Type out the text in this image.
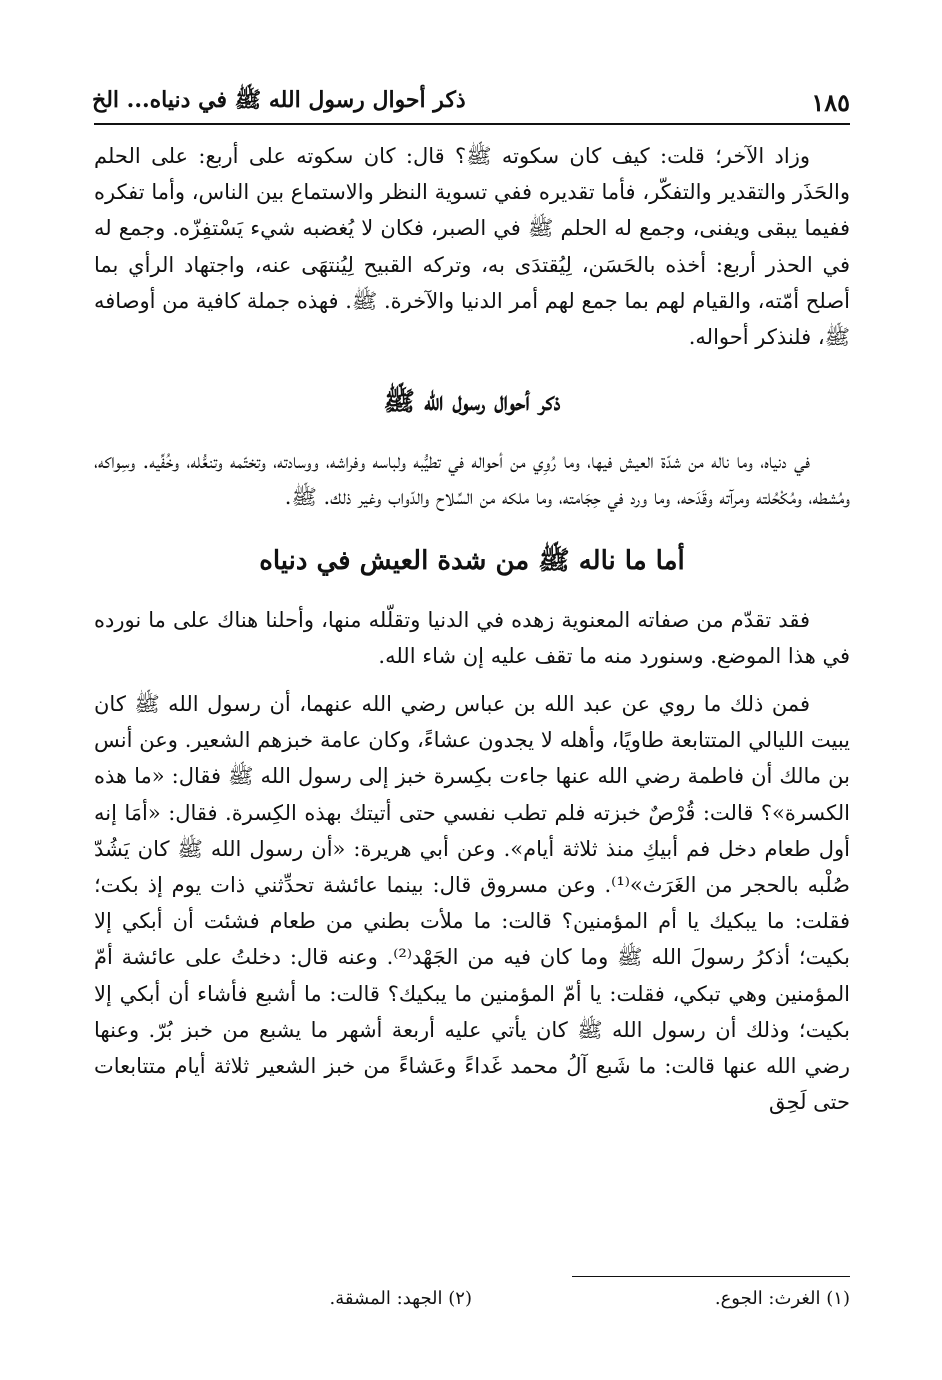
ذكر أحوال رسول الله ﷺ في دنياه... الخ	١٨٥

وزاد الآخر؛ قلت: كيف كان سكوته ﷺ؟ قال: كان سكوته على أربع: على الحلم والحَذَر والتقدير والتفكّر، فأما تقديره ففي تسوية النظر والاستماع بين الناس، وأما تفكره ففيما يبقى ويفنى، وجمع له الحلم ﷺ في الصبر، فكان لا يُغضبه شيء يَسْتفِزّه. وجمع له في الحذر أربع: أخذه بالحَسَن، لِيُقتدَى به، وتركه القبيح لِيُنتهَى عنه، واجتهاد الرأي بما أصلح أمّته، والقيام لهم بما جمع لهم أمر الدنيا والآخرة. ﷺ. فهذه جملة كافية من أوصافه ﷺ، فلنذكر أحواله.

ذكر أحوال رسول الله ﷺ

في دنياه، وما ناله من شدّة العيش فيها، وما رُوِي من أحواله في تطيُّبه ولباسه وفراشه، ووسادته، وتختّمه وتنعُّله، وخُفِّيه. وسِواكه، ومُشطه، ومُكْحُلته ومرآته وقَدَحه، وما ورد في حِجَامته، وما ملكه من السِّلاح والدّواب وغير ذلك. ﷺ.

أما ما ناله ﷺ من شدة العيش في دنياه

فقد تقدّم من صفاته المعنوية زهده في الدنيا وتقلّله منها، وأحلنا هناك على ما نورده في هذا الموضع. وسنورد منه ما تقف عليه إن شاء الله.

فمن ذلك ما روي عن عبد الله بن عباس رضي الله عنهما، أن رسول الله ﷺ كان يبيت الليالي المتتابعة طاويًا، وأهله لا يجدون عشاءً، وكان عامة خبزهم الشعير. وعن أنس بن مالك أن فاطمة رضي الله عنها جاءت بكِسرة خبز إلى رسول الله ﷺ فقال: «ما هذه الكسرة»؟ قالت: قُرْصٌ خبزته فلم تطب نفسي حتى أتيتك بهذه الكِسرة. فقال: «أمَا إنه أول طعام دخل فم أبيكِ منذ ثلاثة أيام». وعن أبي هريرة: «أن رسول الله ﷺ كان يَشُدّ صُلْبه بالحجر من الغَرَث»⁽¹⁾. وعن مسروق قال: بينما عائشة تحدِّثني ذات يوم إذ بكت؛ فقلت: ما يبكيك يا أم المؤمنين؟ قالت: ما ملأت بطني من طعام فشئت أن أبكي إلا بكيت؛ أذكرُ رسولَ الله ﷺ وما كان فيه من الجَهْد⁽²⁾. وعنه قال: دخلتُ على عائشة أمّ المؤمنين وهي تبكي، فقلت: يا أمّ المؤمنين ما يبكيك؟ قالت: ما أشبع فأشاء أن أبكي إلا بكيت؛ وذلك أن رسول الله ﷺ كان يأتي عليه أربعة أشهر ما يشبع من خبز بُرّ. وعنها رضي الله عنها قالت: ما شَبع آلُ محمد غَداءً وعَشاءً من خبز الشعير ثلاثة أيام متتابعات حتى لَحِق

(١) الغرث: الجوع.
(٢) الجهد: المشقة.
